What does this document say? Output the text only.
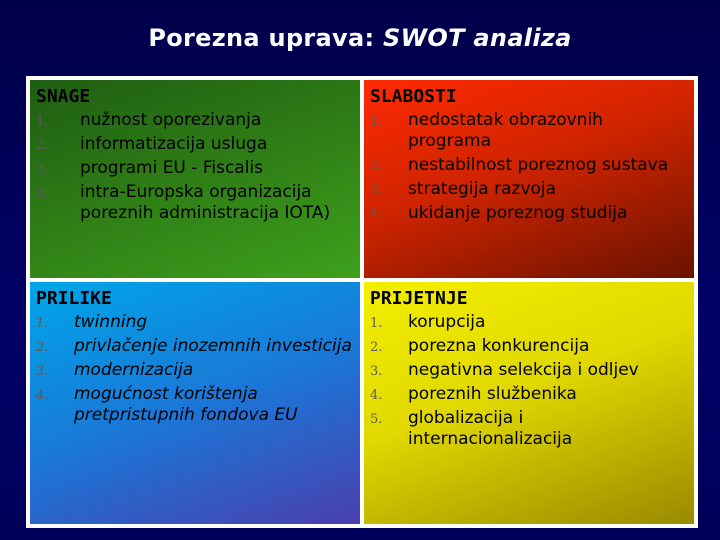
Porezna uprava: SWOT analiza
SNAGE
1. nužnost oporezivanja
2. informatizacija usluga
3. programi EU - Fiscalis
4. intra-Europska organizacija poreznih administracija IOTA)
SLABOSTI
1. nedostatak obrazovnih programa
2. nestabilnost poreznog sustava
3. strategija razvoja
4. ukidanje poreznog studija
PRILIKE
1. twinning
2. privlačenje inozemnih investicija
3. modernizacija
4. mogućnost korištenja pretpristupnih fondova EU
PRIJETNJE
1. korupcija
2. porezna konkurencija
3. negativna selekcija i odljev
4. poreznih službenika
5. globalizacija i internacionalizacija
